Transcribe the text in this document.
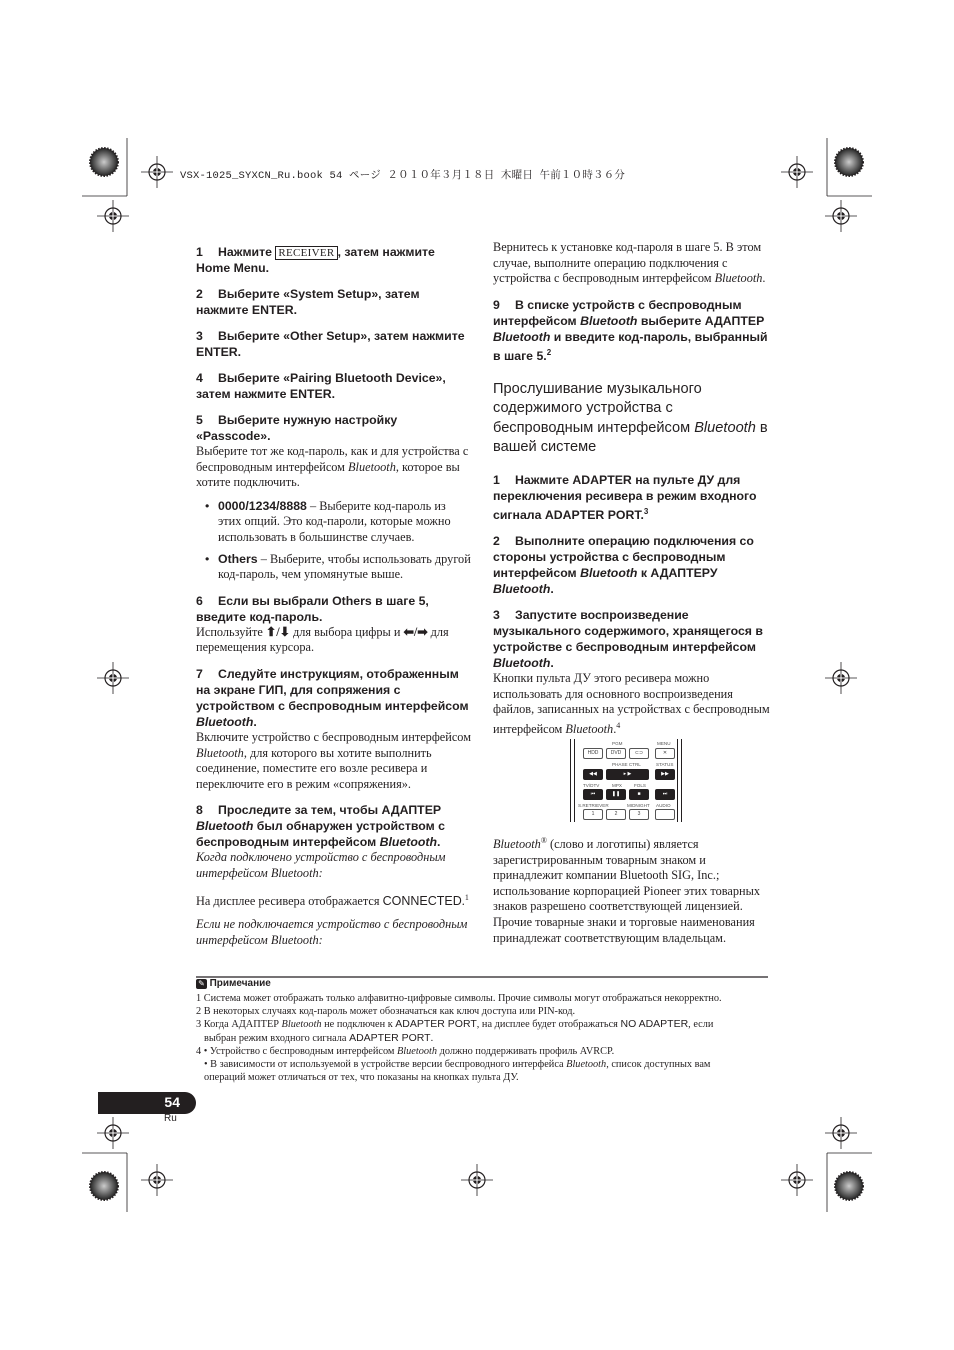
VSX-1025_SYXCN_Ru.book 54 ページ ２０１０年３月１８日 木曜日 午前１０時３６分

1 Нажмите RECEIVER , затем нажмите Home Menu.

2 Выберите «System Setup», затем нажмите ENTER.

3 Выберите «Other Setup», затем нажмите ENTER.

4 Выберите «Pairing Bluetooth Device», затем нажмите ENTER.

5 Выберите нужную настройку «Passcode».

Выберите тот же код-пароль, как и для устройства с беспроводным интерфейсом Bluetooth, которое вы хотите подключить.

• 0000/1234/8888 – Выберите код-пароль из этих опций. Это код-пароли, которые можно использовать в большинстве случаев.

• Others – Выберите, чтобы использовать другой код-пароль, чем упомянутые выше.

6 Если вы выбрали Others в шаге 5, введите код-пароль.

Используйте ⬆/⬇ для выбора цифры и ⬅/➡ для перемещения курсора.

7 Следуйте инструкциям, отображенным на экране ГИП, для сопряжения с устройством с беспроводным интерфейсом Bluetooth.

Включите устройство с беспроводным интерфейсом Bluetooth, для которого вы хотите выполнить соединение, поместите его возле ресивера и переключите его в режим «сопряжения».

8 Проследите за тем, чтобы АДАПТЕР Bluetooth был обнаружен устройством с беспроводным интерфейсом Bluetooth.

Когда подключено устройство с беспроводным интерфейсом Bluetooth:

На дисплее ресивера отображается CONNECTED.$^1$

Если не подключается устройство с беспроводным интерфейсом Bluetooth:

Вернитесь к установке код-пароля в шаге 5. В этом случае, выполните операцию подключения с устройства с беспроводным интерфейсом Bluetooth.

9 В списке устройств с беспроводным интерфейсом Bluetooth выберите АДАПТЕР Bluetooth и введите код-пароль, выбранный в шаге 5.$^2$

Прослушивание музыкального содержимого устройства с беспроводным интерфейсом Bluetooth в вашей системе

1 Нажмите ADAPTER на пульте ДУ для переключения ресивера в режим входного сигнала ADAPTER PORT.$^3$

2 Выполните операцию подключения со стороны устройства с беспроводным интерфейсом Bluetooth к АДАПТЕРУ Bluetooth.

3 Запустите воспроизведение музыкального содержимого, хранящегося в устройстве с беспроводным интерфейсом Bluetooth.

Кнопки пульта ДУ этого ресивера можно использовать для основного воспроизведения файлов, записанных на устройствах с беспроводным интерфейсом Bluetooth.$^4$

PGM	MENU
HDD	DVD	⊂⊃	✕
PHASE CTRL	STATUS
◀◀	▸ ▶	▶▶
TV/DTV	MPX	FOLS
⏮	❚❚	■	⏭
S.RETRIEVER	MIDNIGHT AUDIO
1	2	3

Bluetooth® (слово и логотипы) является зарегистрированным товарным знаком и принадлежит компании Bluetooth SIG, Inc.; использование корпорацией Pioneer этих товарных знаков разрешено соответствующей лицензией. Прочие товарные знаки и торговые наименования принадлежат соответствующим владельцам.

✎ Примечание
1 Система может отображать только алфавитно-цифровые символы. Прочие символы могут отображаться некорректно.
2 В некоторых случаях код-пароль может обозначаться как ключ доступа или PIN-код.
3 Когда АДАПТЕР Bluetooth не подключен к ADAPTER PORT, на дисплее будет отображаться NO ADAPTER, если
выбран режим входного сигнала ADAPTER PORT.
4 • Устройство с беспроводным интерфейсом Bluetooth должно поддерживать профиль AVRCP.
• В зависимости от используемой в устройстве версии беспроводного интерфейса Bluetooth, список доступных вам
операций может отличаться от тех, что показаны на кнопках пульта ДУ.
54
Ru
